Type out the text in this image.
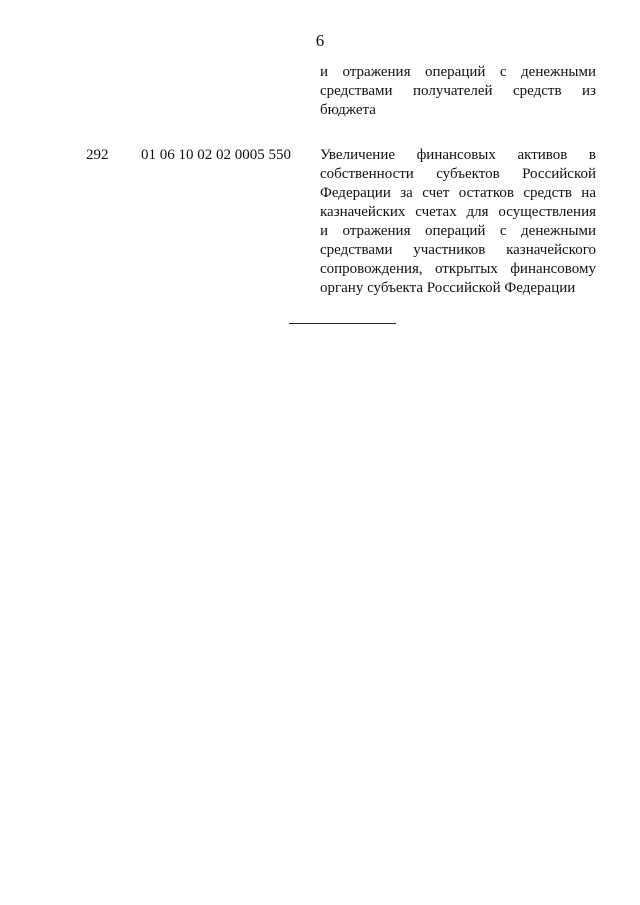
6
и отражения операций с денежными
средствами получателей средств из
бюджета
292 01 06 10 02 02 0005 550 Увеличение финансовых активов в
собственности субъектов Российской
Федерации за счет остатков средств на
казначейских счетах для осуществления
и отражения операций с денежными
средствами участников казначейского
сопровождения, открытых финансовому
органу субъекта Российской Федерации
